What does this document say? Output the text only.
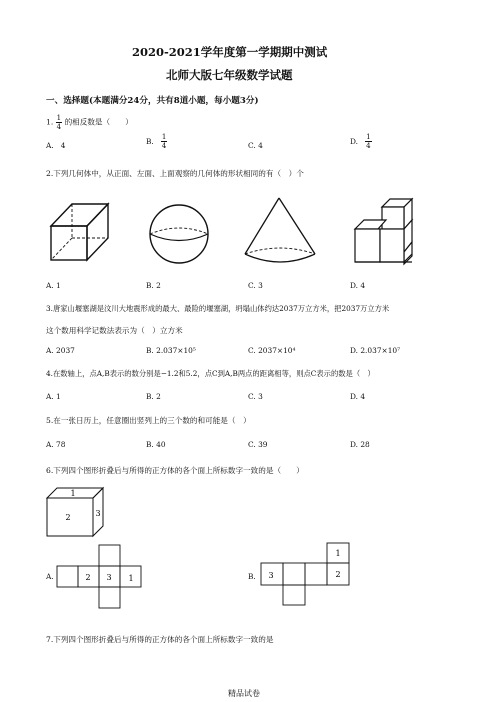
2020-2021学年度第一学期期中测试
北师大版七年级数学试题
一、选择题(本题满分24分，共有8道小题，每小题3分)
1. $\frac{1}{4}$ 的相反数是（　　）
A. 4	B. $\frac{1}{4}$	C. 4	D. $\frac{1}{4}$
2.下列几何体中，从正面、左面、上面观察的几何体的形状相同的有（　）个
A. 1	B. 2	C. 3	D. 4
3.唐家山堰塞湖是汶川大地震形成的最大、最险的堰塞湖，坍塌山体约达2037万立方米，把2037万立方米
这个数用科学记数法表示为（　）立方米
A. 2037	B. 2.037×10⁵	C. 2037×10⁴	D. 2.037×10⁷
4.在数轴上，点A,B表示的数分别是−1.2和5.2，点C到A,B两点的距离相等，则点C表示的数是（　）
A. 1	B. 2	C. 3	D. 4
5.在一张日历上，任意圈出竖列上的三个数的和可能是（　）
A. 78	B. 40	C. 39	D. 28
6.下列四个图形折叠后与所得的正方体的各个面上所标数字一致的是（　　）
1
2	3
A.	2 3 1	B.
1
3	2
7.下列四个图形折叠后与所得的正方体的各个面上所标数字一致的是
精品试卷
